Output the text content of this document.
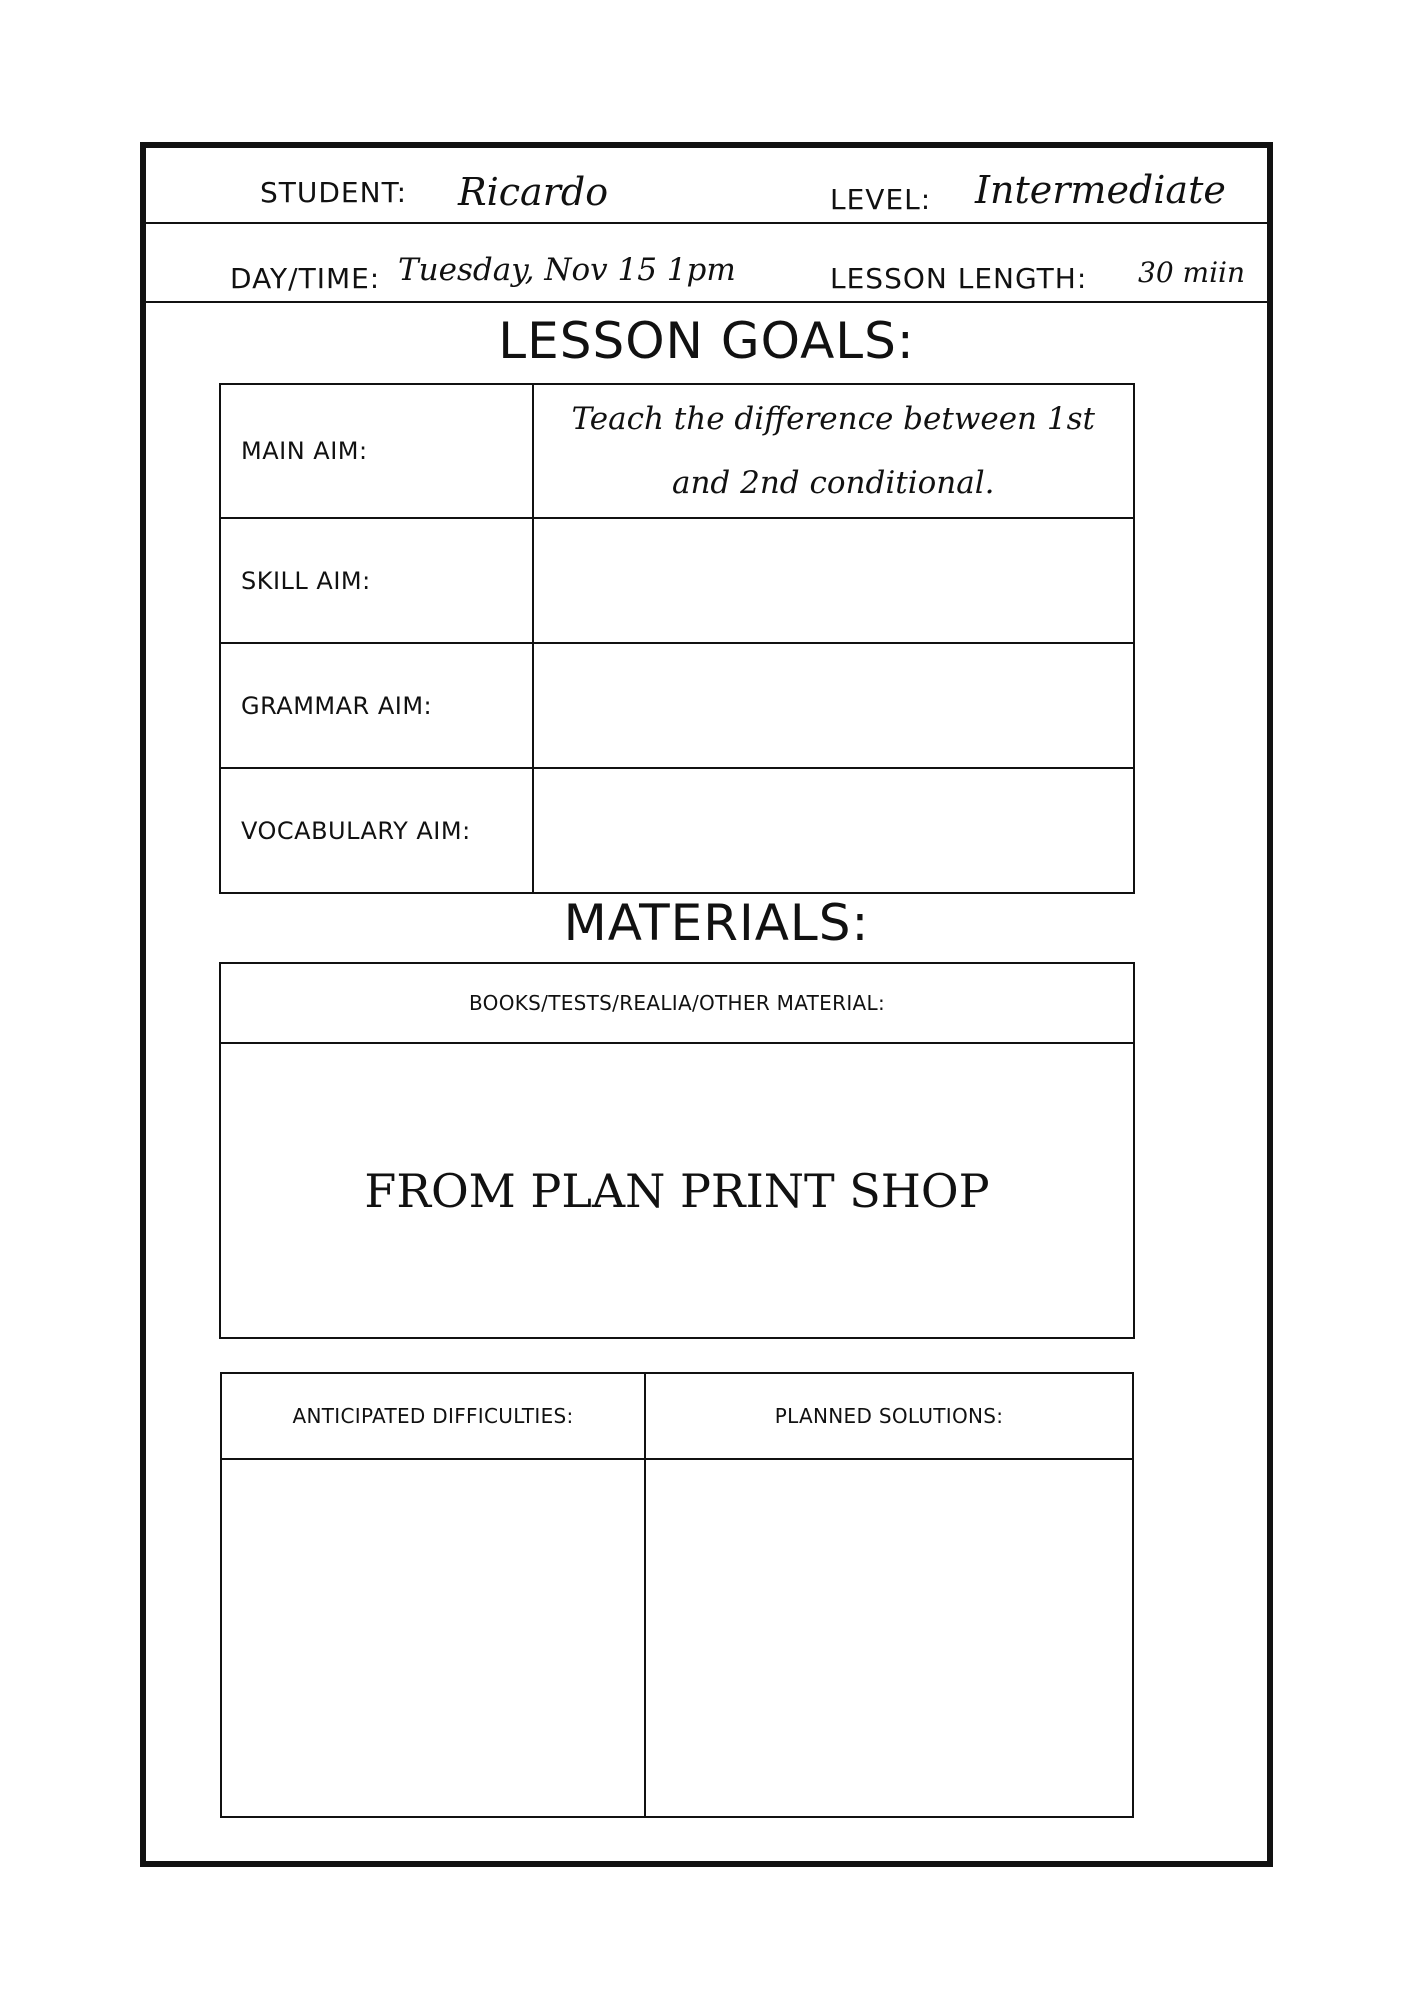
STUDENT: Ricardo	LEVEL: Intermediate
DAY/TIME: Tuesday, Nov 15 1pm	LESSON LENGTH: 30 miin
LESSON GOALS:
MAIN AIM:	Teach the difference between 1st and 2nd conditional.
SKILL AIM:	
GRAMMAR AIM:	
VOCABULARY AIM:	
MATERIALS:
BOOKS/TESTS/REALIA/OTHER MATERIAL:
FROM PLAN PRINT SHOP
ANTICIPATED DIFFICULTIES:	PLANNED SOLUTIONS:
